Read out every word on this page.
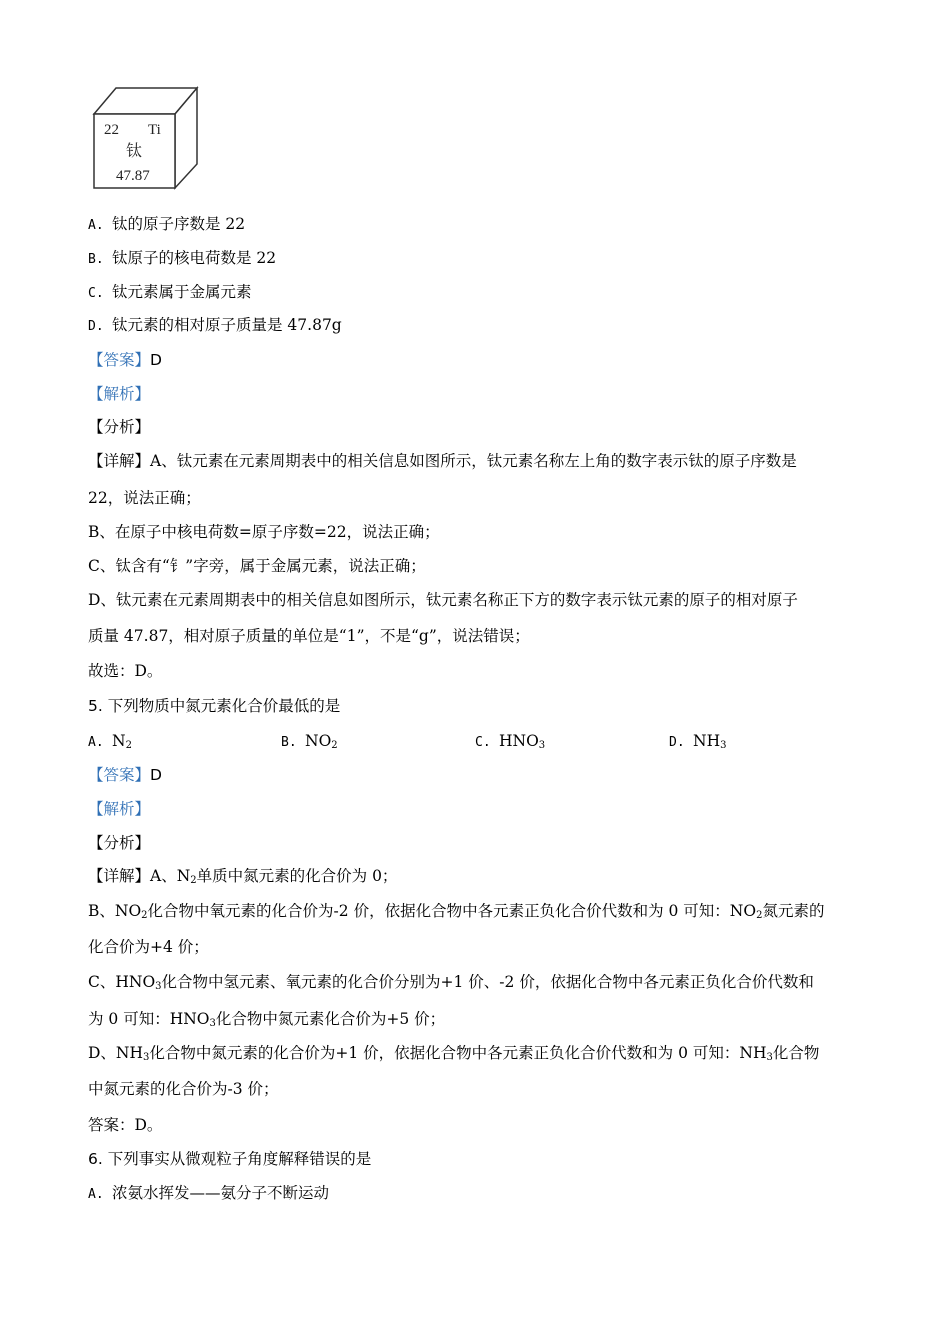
22 Ti
钛
47.87
A. 钛的原子序数是 22
B. 钛原子的核电荷数是 22
C. 钛元素属于金属元素
D. 钛元素的相对原子质量是 47.87g
【答案】D
【解析】
【分析】
【详解】A、钛元素在元素周期表中的相关信息如图所示，钛元素名称左上角的数字表示钛的原子序数是
22，说法正确；
B、在原子中核电荷数=原子序数=22，说法正确；
C、钛含有“钅”字旁，属于金属元素，说法正确；
D、钛元素在元素周期表中的相关信息如图所示，钛元素名称正下方的数字表示钛元素的原子的相对原子
质量 47.87，相对原子质量的单位是“1”，不是“g”，说法错误；
故选：D。
5. 下列物质中氮元素化合价最低的是
A. $N_2$	B. $NO_2$	C. $HNO_3$	D. $NH_3$
【答案】D
【解析】
【分析】
【详解】A、$N_2$单质中氮元素的化合价为 0；
B、$NO_2$化合物中氧元素的化合价为-2 价，依据化合物中各元素正负化合价代数和为 0 可知：$NO_2$氮元素的
化合价为+4 价；
C、$HNO_3$化合物中氢元素、氧元素的化合价分别为+1 价、-2 价，依据化合物中各元素正负化合价代数和
为 0 可知：$HNO_3$化合物中氮元素化合价为+5 价；
D、$NH_3$化合物中氮元素的化合价为+1 价，依据化合物中各元素正负化合价代数和为 0 可知：$NH_3$化合物
中氮元素的化合价为-3 价；
答案：D。
6. 下列事实从微观粒子角度解释错误的是
A. 浓氨水挥发——氨分子不断运动
